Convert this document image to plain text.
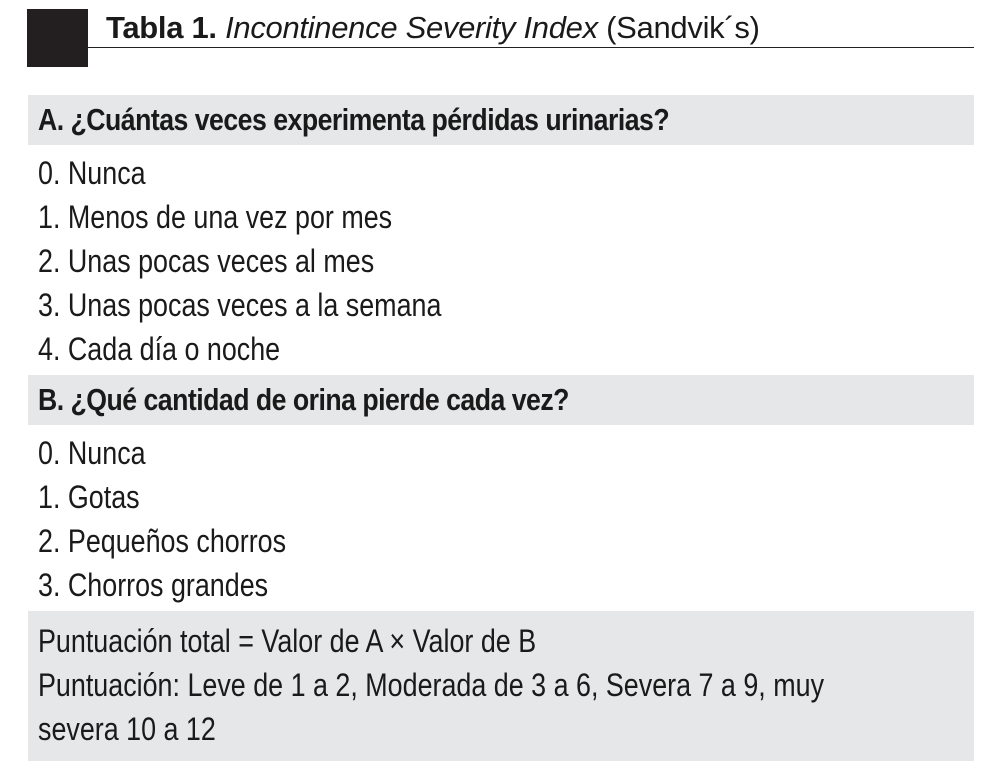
Tabla 1. Incontinence Severity Index (Sandvik´s)
A. ¿Cuántas veces experimenta pérdidas urinarias?
0. Nunca
1. Menos de una vez por mes
2. Unas pocas veces al mes
3. Unas pocas veces a la semana
4. Cada día o noche
B. ¿Qué cantidad de orina pierde cada vez?
0. Nunca
1. Gotas
2. Pequeños chorros
3. Chorros grandes
Puntuación total = Valor de A × Valor de B
Puntuación: Leve de 1 a 2, Moderada de 3 a 6, Severa 7 a 9, muy
severa 10 a 12
